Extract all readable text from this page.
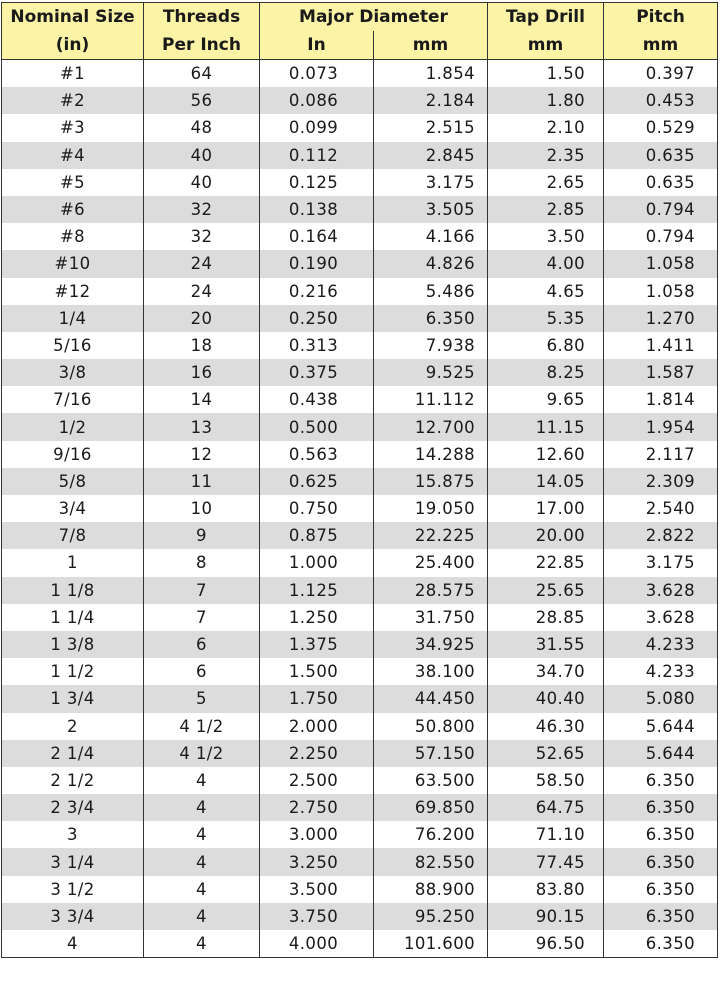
Nominal Size	Threads	Major Diameter		Tap Drill	Pitch
(in)	Per Inch	In	mm	mm	mm
#1	64	0.073	1.854	1.50	0.397
#2	56	0.086	2.184	1.80	0.453
#3	48	0.099	2.515	2.10	0.529
#4	40	0.112	2.845	2.35	0.635
#5	40	0.125	3.175	2.65	0.635
#6	32	0.138	3.505	2.85	0.794
#8	32	0.164	4.166	3.50	0.794
#10	24	0.190	4.826	4.00	1.058
#12	24	0.216	5.486	4.65	1.058
1/4	20	0.250	6.350	5.35	1.270
5/16	18	0.313	7.938	6.80	1.411
3/8	16	0.375	9.525	8.25	1.587
7/16	14	0.438	11.112	9.65	1.814
1/2	13	0.500	12.700	11.15	1.954
9/16	12	0.563	14.288	12.60	2.117
5/8	11	0.625	15.875	14.05	2.309
3/4	10	0.750	19.050	17.00	2.540
7/8	9	0.875	22.225	20.00	2.822
1	8	1.000	25.400	22.85	3.175
1 1/8	7	1.125	28.575	25.65	3.628
1 1/4	7	1.250	31.750	28.85	3.628
1 3/8	6	1.375	34.925	31.55	4.233
1 1/2	6	1.500	38.100	34.70	4.233
1 3/4	5	1.750	44.450	40.40	5.080
2	4 1/2	2.000	50.800	46.30	5.644
2 1/4	4 1/2	2.250	57.150	52.65	5.644
2 1/2	4	2.500	63.500	58.50	6.350
2 3/4	4	2.750	69.850	64.75	6.350
3	4	3.000	76.200	71.10	6.350
3 1/4	4	3.250	82.550	77.45	6.350
3 1/2	4	3.500	88.900	83.80	6.350
3 3/4	4	3.750	95.250	90.15	6.350
4	4	4.000	101.600	96.50	6.350
